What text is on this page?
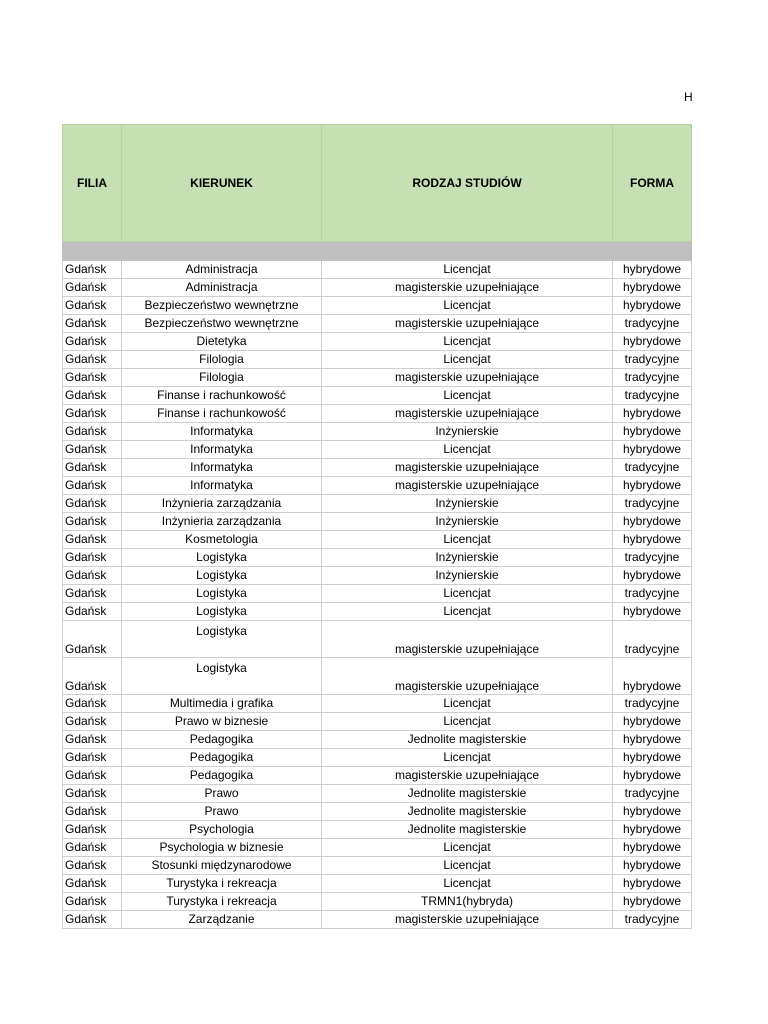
H
FILIA	KIERUNEK	RODZAJ STUDIÓW	FORMA

Gdańsk	Administracja	Licencjat	hybrydowe
Gdańsk	Administracja	magisterskie uzupełniające	hybrydowe
Gdańsk	Bezpieczeństwo wewnętrzne	Licencjat	hybrydowe
Gdańsk	Bezpieczeństwo wewnętrzne	magisterskie uzupełniające	tradycyjne
Gdańsk	Dietetyka	Licencjat	hybrydowe
Gdańsk	Filologia	Licencjat	tradycyjne
Gdańsk	Filologia	magisterskie uzupełniające	tradycyjne
Gdańsk	Finanse i rachunkowość	Licencjat	tradycyjne
Gdańsk	Finanse i rachunkowość	magisterskie uzupełniające	hybrydowe
Gdańsk	Informatyka	Inżynierskie	hybrydowe
Gdańsk	Informatyka	Licencjat	hybrydowe
Gdańsk	Informatyka	magisterskie uzupełniające	tradycyjne
Gdańsk	Informatyka	magisterskie uzupełniające	hybrydowe
Gdańsk	Inżynieria zarządzania	Inżynierskie	tradycyjne
Gdańsk	Inżynieria zarządzania	Inżynierskie	hybrydowe
Gdańsk	Kosmetologia	Licencjat	hybrydowe
Gdańsk	Logistyka	Inżynierskie	tradycyjne
Gdańsk	Logistyka	Inżynierskie	hybrydowe
Gdańsk	Logistyka	Licencjat	tradycyjne
Gdańsk	Logistyka	Licencjat	hybrydowe
Gdańsk	Logistyka	magisterskie uzupełniające	tradycyjne
Gdańsk	Logistyka	magisterskie uzupełniające	hybrydowe
Gdańsk	Multimedia i grafika	Licencjat	tradycyjne
Gdańsk	Prawo w biznesie	Licencjat	hybrydowe
Gdańsk	Pedagogika	Jednolite magisterskie	hybrydowe
Gdańsk	Pedagogika	Licencjat	hybrydowe
Gdańsk	Pedagogika	magisterskie uzupełniające	hybrydowe
Gdańsk	Prawo	Jednolite magisterskie	tradycyjne
Gdańsk	Prawo	Jednolite magisterskie	hybrydowe
Gdańsk	Psychologia	Jednolite magisterskie	hybrydowe
Gdańsk	Psychologia w biznesie	Licencjat	hybrydowe
Gdańsk	Stosunki międzynarodowe	Licencjat	hybrydowe
Gdańsk	Turystyka i rekreacja	Licencjat	hybrydowe
Gdańsk	Turystyka i rekreacja	TRMN1(hybryda)	hybrydowe
Gdańsk	Zarządzanie	magisterskie uzupełniające	tradycyjne
